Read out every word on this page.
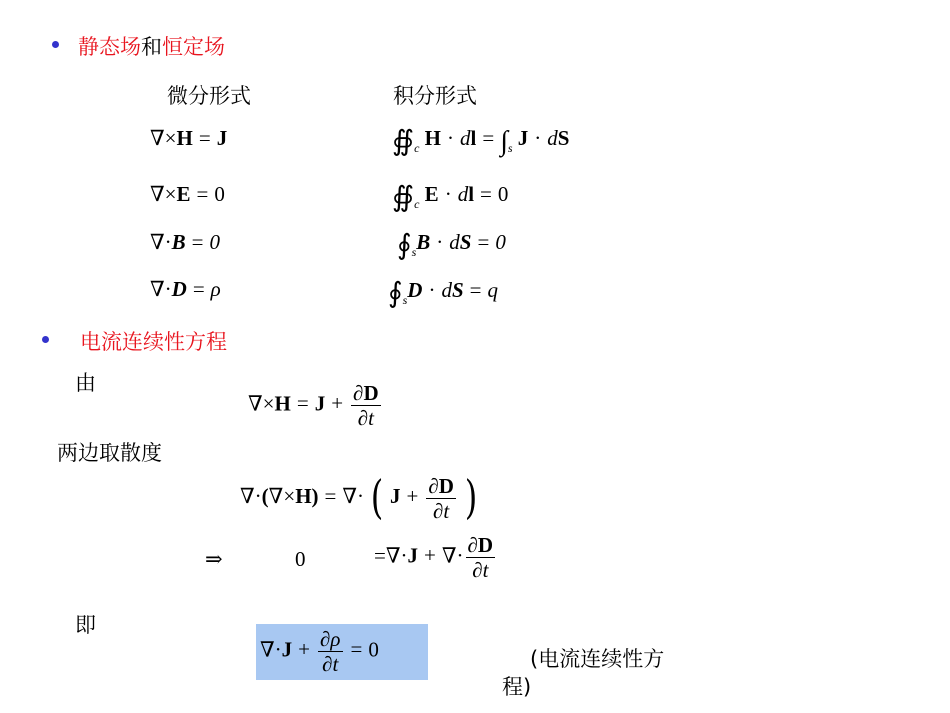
静态场和恒定场
微分形式	积分形式
∇×H = J	$∯_c$ H · dl = $\int_s$ J · dS
∇×E = 0	$∯_c$ E · dl = 0
∇·B = 0	$∮_sB$ · dS = 0
∇·D = ρ	$∮_sD$ · dS = q
电流连续性方程
由
$\nabla\times H = J + \frac{\partial D}{\partial t}$
两边取散度
∇·(∇×H) = ∇· ( $J + \frac{\partial D}{\partial t}$ )
⇒	0	=∇·J + ∇· $\frac{\partial D}{\partial t}$
即
$\nabla\cdot J + \frac{\partial\rho}{\partial t} = 0$	(电流连续性方
程)
